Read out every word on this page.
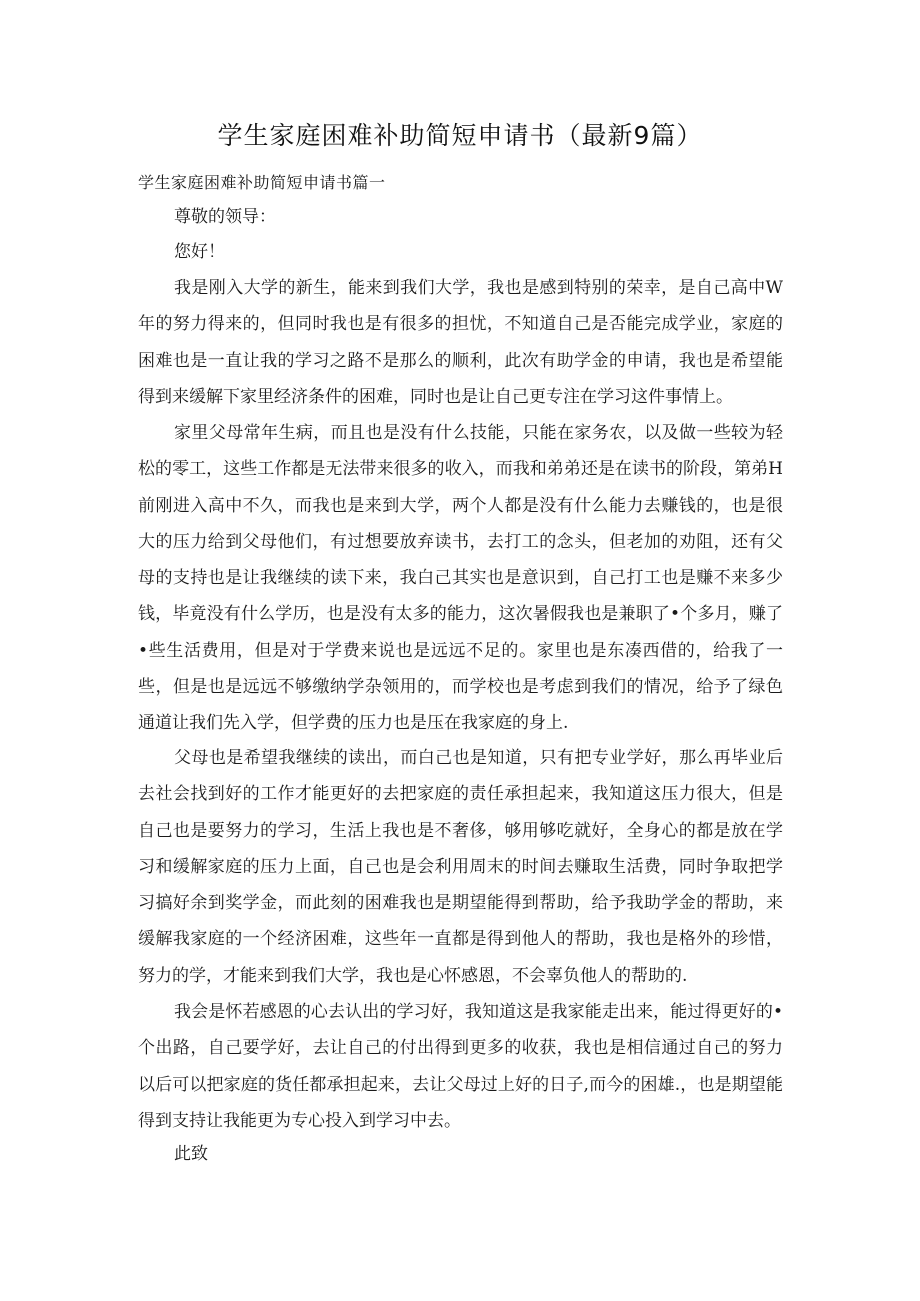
学生家庭困难补助简短申请书（最新9篇）

学生家庭困难补助简短申请书篇一

尊敬的领导：

您好！

我是刚入大学的新生，能来到我们大学，我也是感到特别的荣幸，是自己高中W年的努力得来的，但同时我也是有很多的担忧，不知道自己是否能完成学业，家庭的困难也是一直让我的学习之路不是那么的顺利，此次有助学金的申请，我也是希望能得到来缓解下家里经济条件的困难，同时也是让自己更专注在学习这件事情上。

家里父母常年生病，而且也是没有什么技能，只能在家务农，以及做一些较为轻松的零工，这些工作都是无法带来很多的收入，而我和弟弟还是在读书的阶段，第弟H前刚进入高中不久，而我也是来到大学，两个人都是没有什么能力去赚钱的，也是很大的压力给到父母他们，有过想要放弃读书，去打工的念头，但老加的劝阻，还有父母的支持也是让我继续的读下来，我白己其实也是意识到，自己打工也是赚不来多少钱，毕竟没有什么学历，也是没有太多的能力，这次暑假我也是兼职了•个多月，赚了•些生活费用，但是对于学费来说也是远远不足的。家里也是东凑西借的，给我了一些，但是也是远远不够缴纳学杂领用的，而学校也是考虑到我们的情况，给予了绿色通道让我们先入学，但学费的压力也是压在我家庭的身上.

父母也是希望我继续的读出，而白己也是知道，只有把专业学好，那么再毕业后去社会找到好的工作才能更好的去把家庭的责任承担起来，我知道这压力很大，但是自己也是要努力的学习，生活上我也是不奢侈，够用够吃就好，全身心的都是放在学习和缓解家庭的压力上面，自己也是会利用周末的时间去赚取生活费，同时争取把学习搞好余到奖学金，而此刻的困难我也是期望能得到帮助，给予我助学金的帮助，来缓解我家庭的一个经济困难，这些年一直都是得到他人的帮助，我也是格外的珍惜，努力的学，才能来到我们大学，我也是心怀感恩，不会辜负他人的帮助的.

我会是怀若感恩的心去认出的学习好，我知道这是我家能走出来，能过得更好的•个出路，自己要学好，去让自己的付出得到更多的收获，我也是相信通过自己的努力以后可以把家庭的货任都承担起来，去让父母过上好的日子,而今的困雄.，也是期望能得到支持让我能更为专心投入到学习中去。

此致
